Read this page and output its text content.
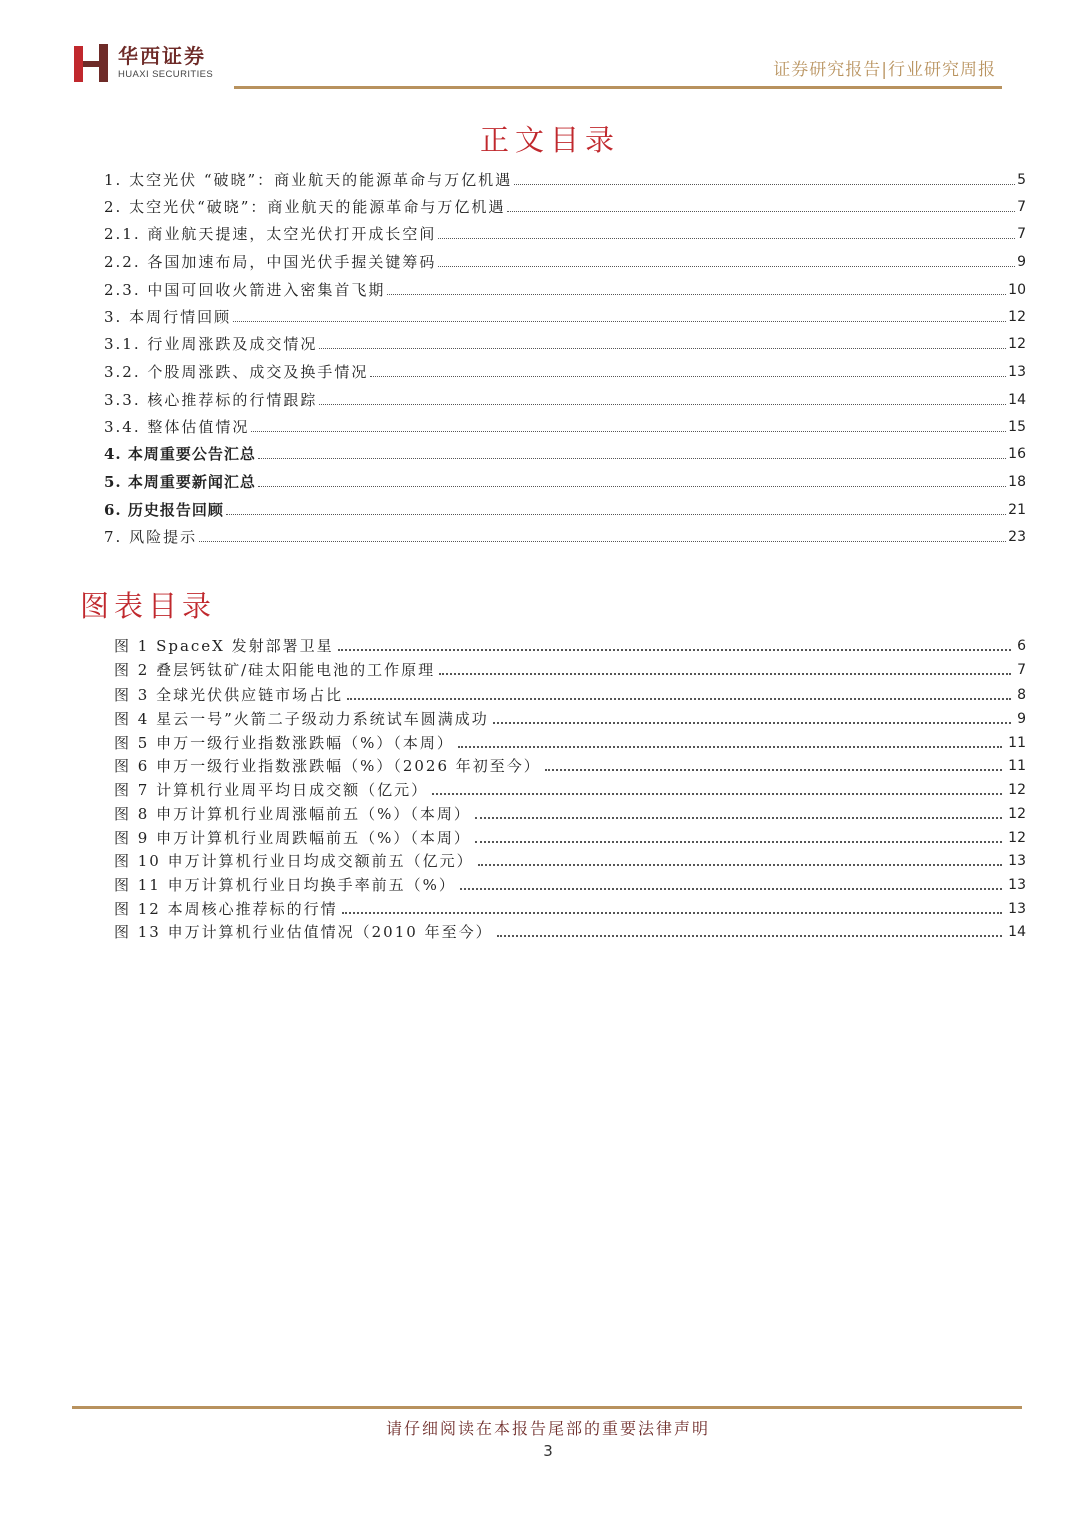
华西证券
HUAXI SECURITIES	证券研究报告|行业研究周报
正文目录
1. 太空光伏 “破晓”：商业航天的能源革命与万亿机遇	5
2. 太空光伏“破晓”：商业航天的能源革命与万亿机遇	7
2.1. 商业航天提速，太空光伏打开成长空间	7
2.2. 各国加速布局，中国光伏手握关键筹码	9
2.3. 中国可回收火箭进入密集首飞期	10
3. 本周行情回顾	12
3.1. 行业周涨跌及成交情况	12
3.2. 个股周涨跌、成交及换手情况	13
3.3. 核心推荐标的行情跟踪	14
3.4. 整体估值情况	15
4. 本周重要公告汇总	16
5. 本周重要新闻汇总	18
6. 历史报告回顾	21
7. 风险提示	23
图表目录
图 1 SpaceX 发射部署卫星	6
图 2 叠层钙钛矿/硅太阳能电池的工作原理	7
图 3 全球光伏供应链市场占比	8
图 4 星云一号”火箭二子级动力系统试车圆满成功	9
图 5 申万一级行业指数涨跌幅（%）（本周）	11
图 6 申万一级行业指数涨跌幅（%）（2026 年初至今）	11
图 7 计算机行业周平均日成交额（亿元）	12
图 8 申万计算机行业周涨幅前五（%）（本周）	12
图 9 申万计算机行业周跌幅前五（%）（本周）	12
图 10 申万计算机行业日均成交额前五（亿元）	13
图 11 申万计算机行业日均换手率前五（%）	13
图 12 本周核心推荐标的行情	13
图 13 申万计算机行业估值情况（2010 年至今）	14
请仔细阅读在本报告尾部的重要法律声明
3
